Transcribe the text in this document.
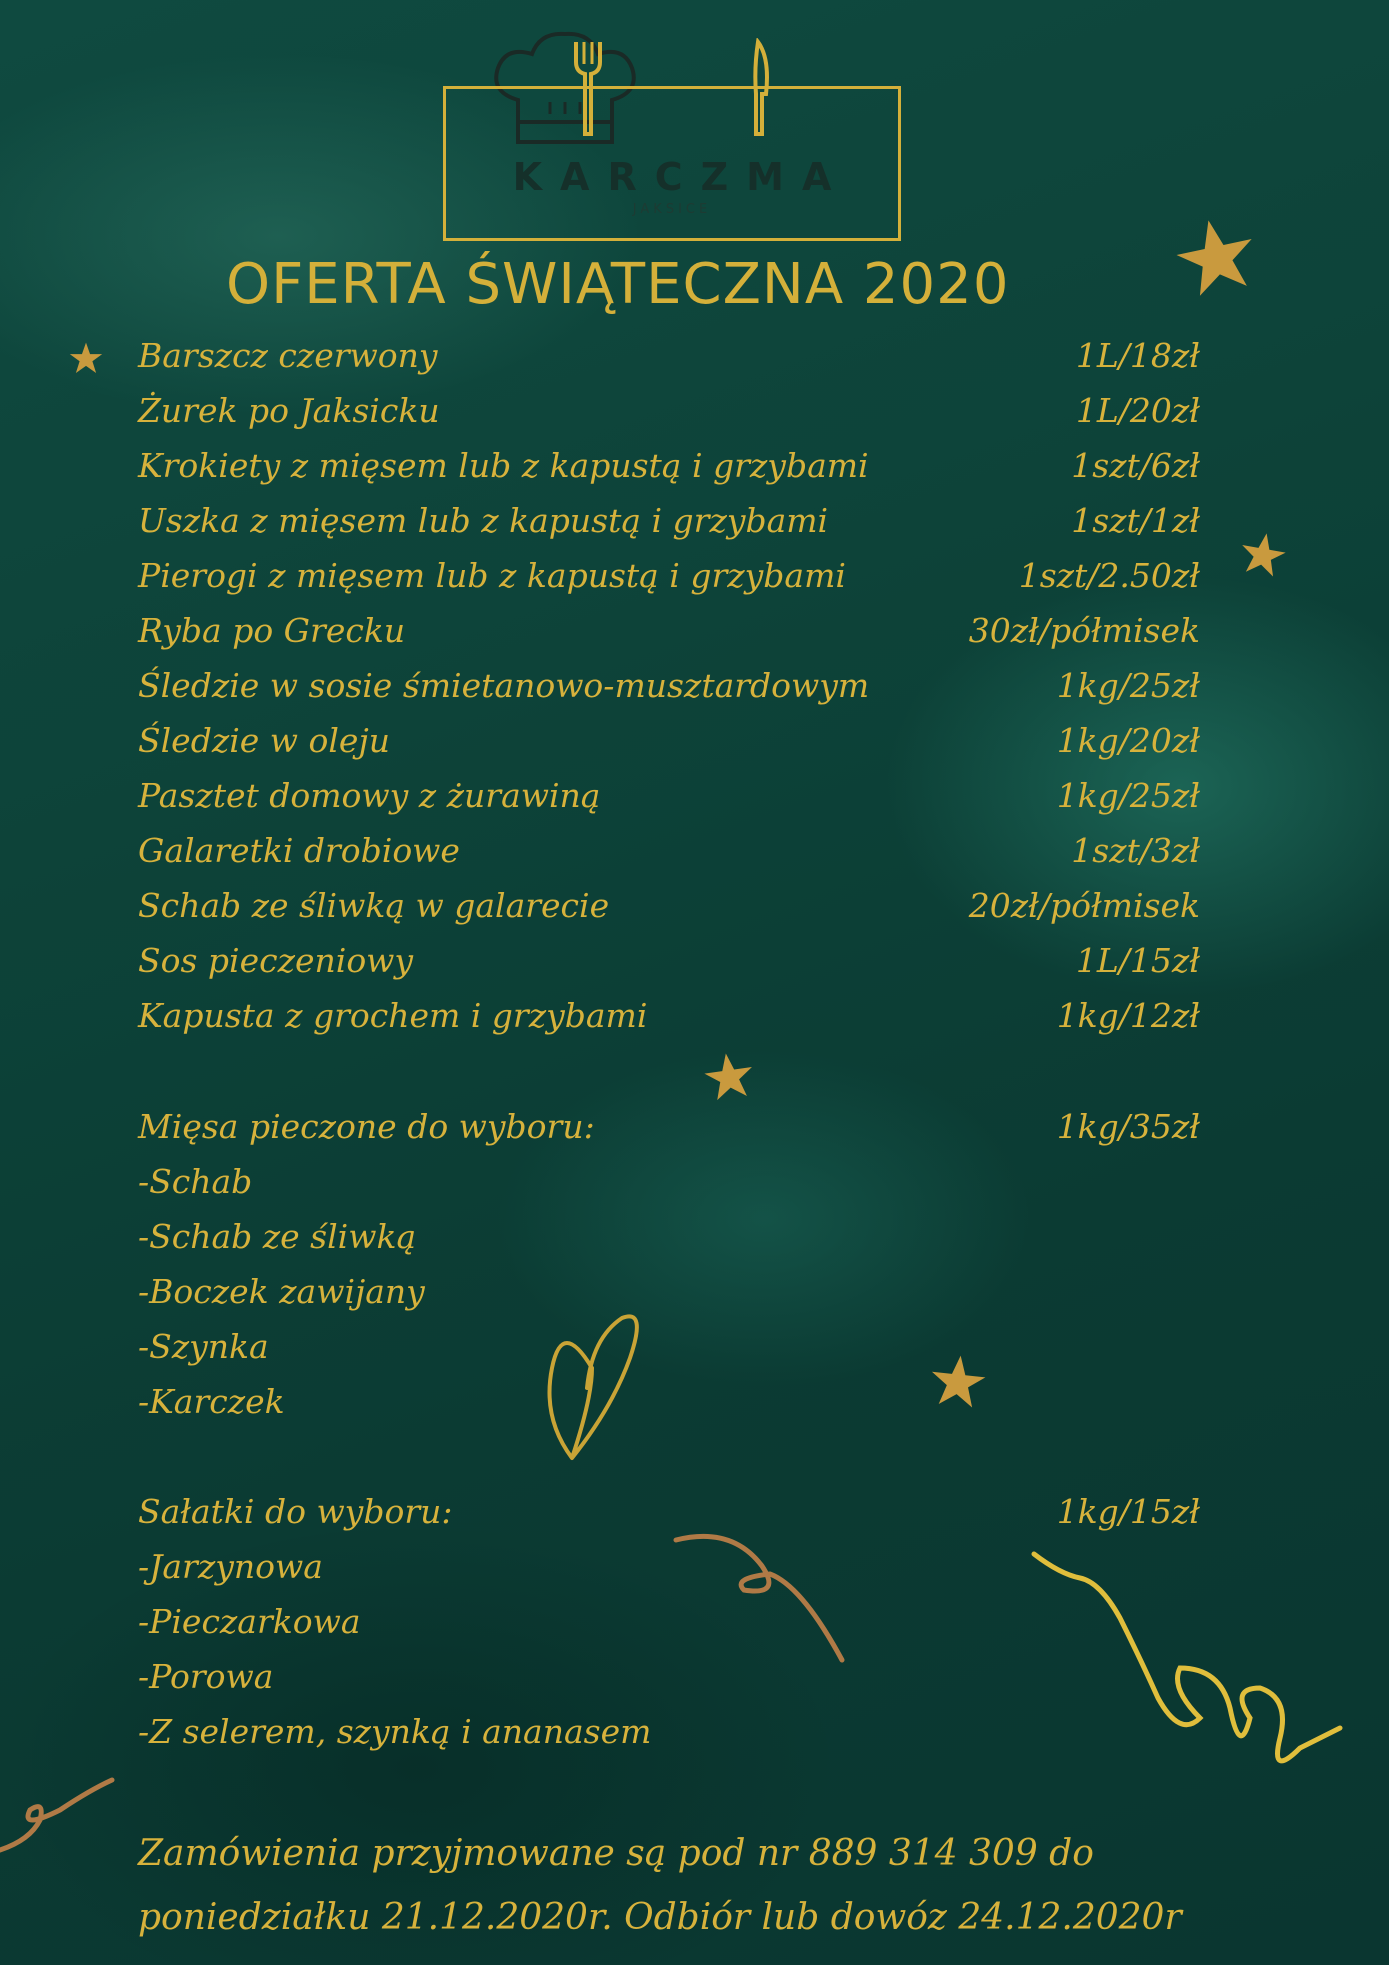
KARCZMA
JAKSICE
OFERTA ŚWIĄTECZNA 2020
Barszcz czerwony	1L/18zł
Żurek po Jaksicku	1L/20zł
Krokiety z mięsem lub z kapustą i grzybami	1szt/6zł
Uszka z mięsem lub z kapustą i grzybami	1szt/1zł
Pierogi z mięsem lub z kapustą i grzybami	1szt/2.50zł
Ryba po Grecku	30zł/półmisek
Śledzie w sosie śmietanowo-musztardowym	1kg/25zł
Śledzie w oleju	1kg/20zł
Pasztet domowy z żurawiną	1kg/25zł
Galaretki drobiowe	1szt/3zł
Schab ze śliwką w galarecie	20zł/półmisek
Sos pieczeniowy	1L/15zł
Kapusta z grochem i grzybami	1kg/12zł
Mięsa pieczone do wyboru:	1kg/35zł
-Schab
-Schab ze śliwką
-Boczek zawijany
-Szynka
-Karczek
Sałatki do wyboru:	1kg/15zł
-Jarzynowa
-Pieczarkowa
-Porowa
-Z selerem, szynką i ananasem
Zamówienia przyjmowane są pod nr 889 314 309 do
poniedziałku 21.12.2020r. Odbiór lub dowóz 24.12.2020r
